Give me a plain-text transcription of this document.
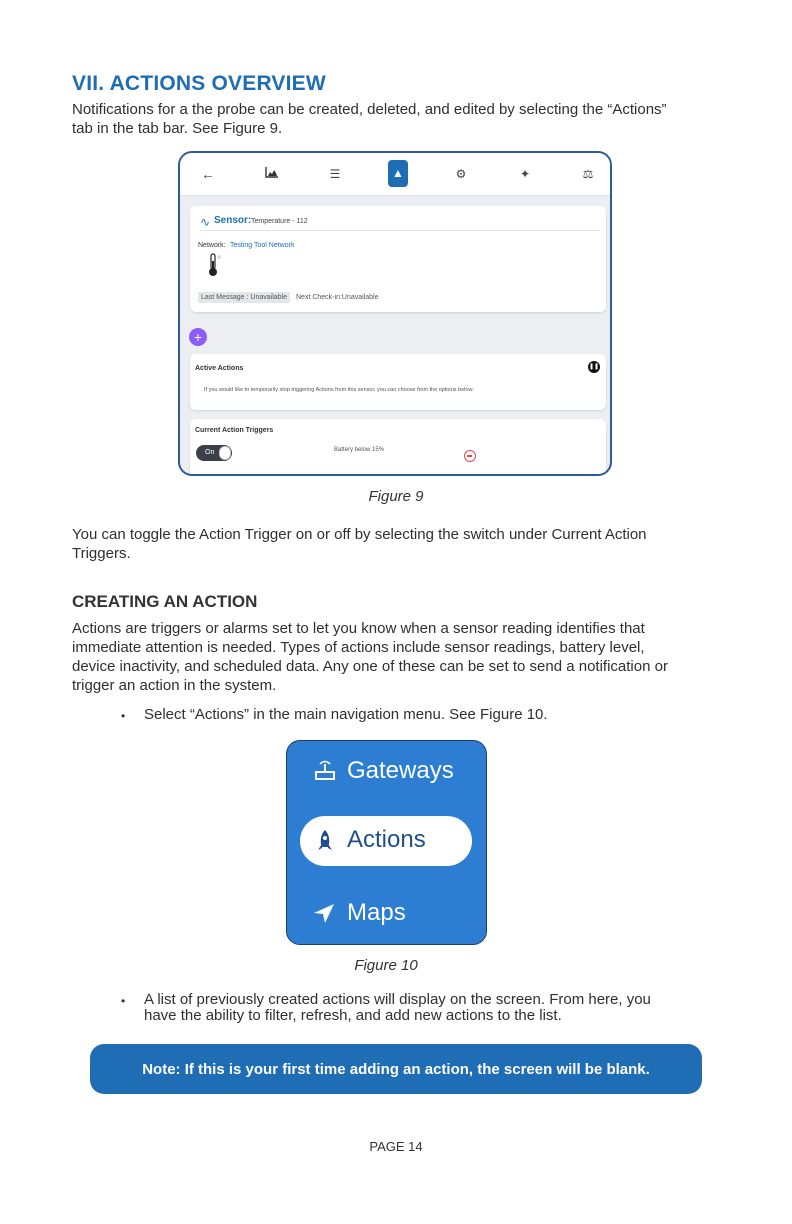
VII. ACTIONS OVERVIEW
Notifications for a the probe can be created, deleted, and edited by selecting the “Actions”
tab in the tab bar. See Figure 9.
←	☰	▲	⚙	✦	⚖
∿ Sensor: Temperature - 112
Network: Testing Tool Network
Last Message : Unavailable	Next Check-in:Unavailable
+
Active Actions	❚❚
If you would like to temporarily stop triggering Actions from this sensor, you can choose from the options below.
Current Action Triggers
On	Battery below 15%
Figure 9
You can toggle the Action Trigger on or off by selecting the switch under Current Action
Triggers.
CREATING AN ACTION
Actions are triggers or alarms set to let you know when a sensor reading identifies that
immediate attention is needed. Types of actions include sensor readings, battery level,
device inactivity, and scheduled data. Any one of these can be set to send a notification or
trigger an action in the system.
• Select “Actions” in the main navigation menu. See Figure 10.
Gateways
Actions
Maps
Figure 10
• A list of previously created actions will display on the screen. From here, you
have the ability to filter, refresh, and add new actions to the list.
Note: If this is your first time adding an action, the screen will be blank.
PAGE 14
